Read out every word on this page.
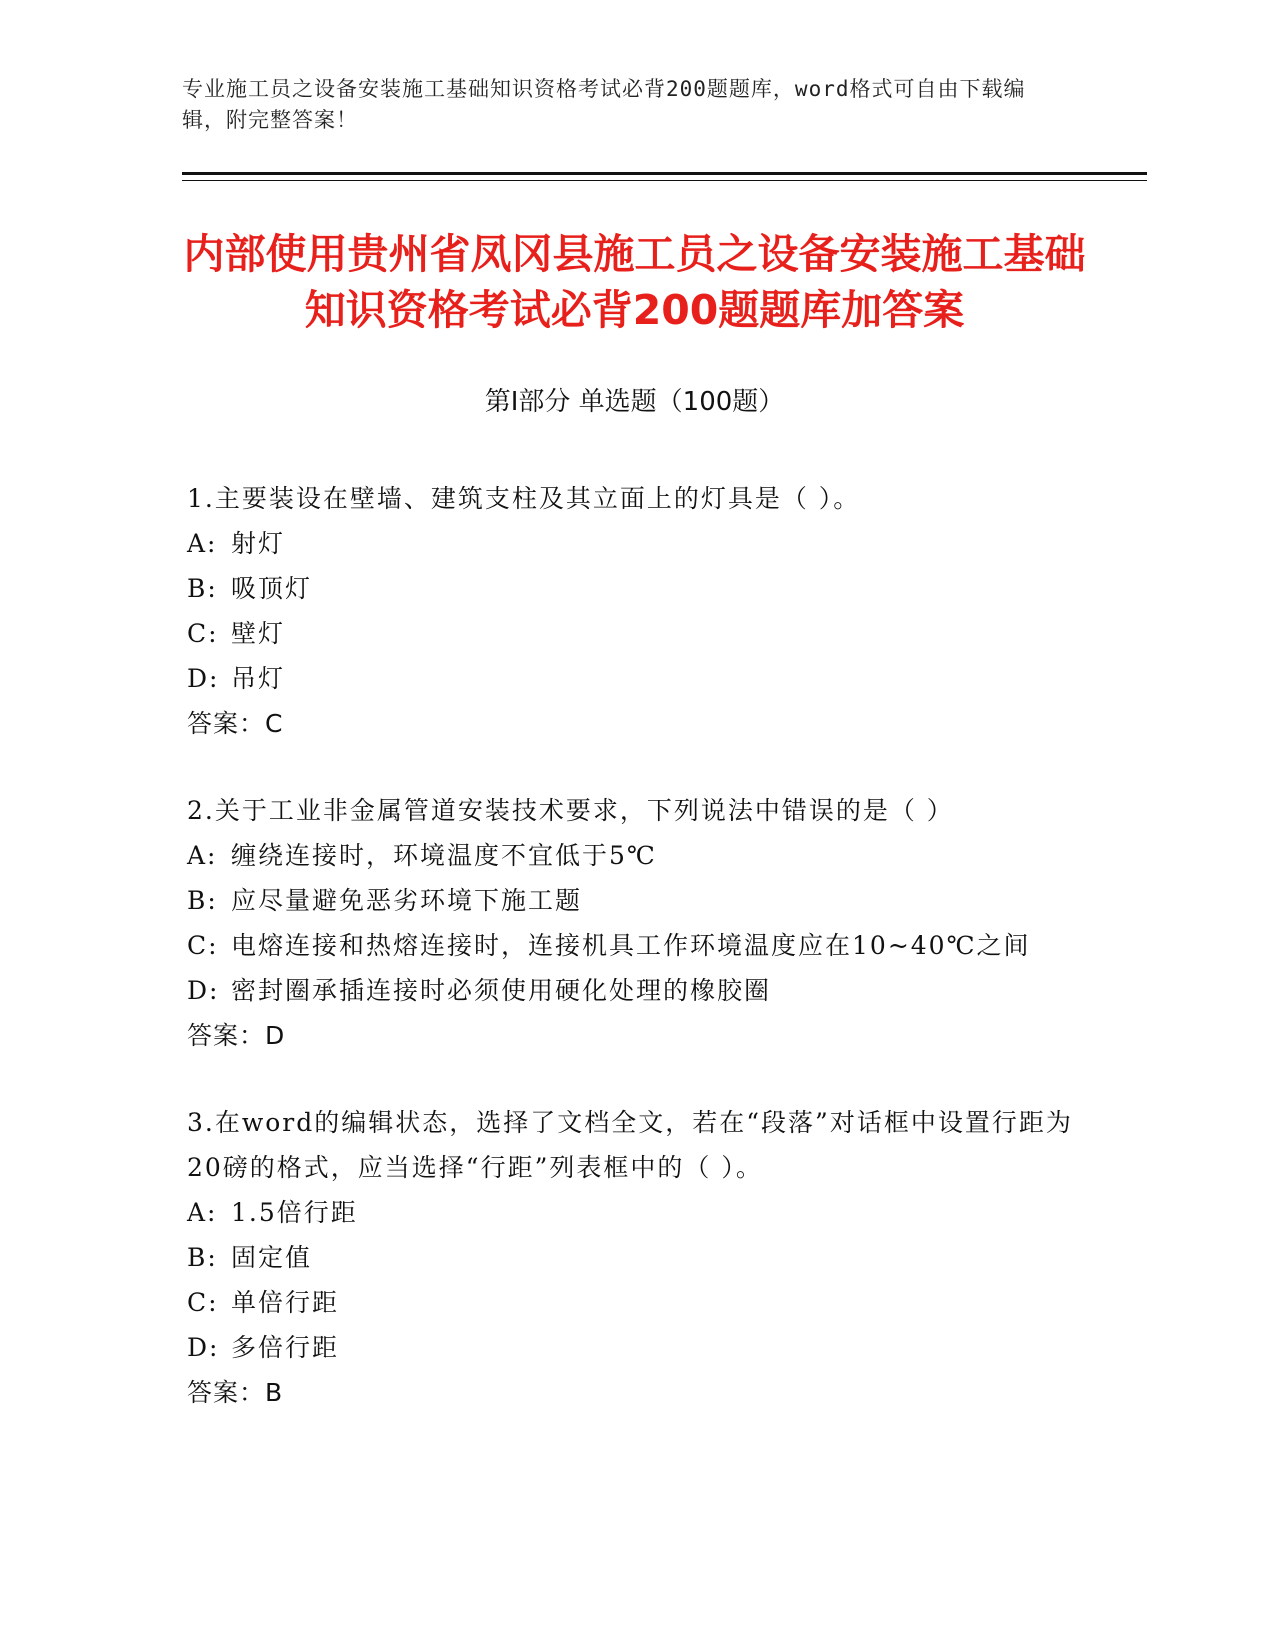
专业施工员之设备安装施工基础知识资格考试必背200题题库，word格式可自由下载编辑，附完整答案！
内部使用贵州省凤冈县施工员之设备安装施工基础知识资格考试必背200题题库加答案
第Ⅰ部分 单选题（100题）
1.主要装设在壁墙、建筑支柱及其立面上的灯具是（ ）。
A: 射灯
B: 吸顶灯
C: 壁灯
D: 吊灯
答案：C
2.关于工业非金属管道安装技术要求，下列说法中错误的是（ ）
A: 缠绕连接时，环境温度不宜低于5℃
B: 应尽量避免恶劣环境下施工题
C: 电熔连接和热熔连接时，连接机具工作环境温度应在10~40℃之间
D: 密封圈承插连接时必须使用硬化处理的橡胶圈
答案：D
3.在word的编辑状态，选择了文档全文，若在“段落”对话框中设置行距为20磅的格式，应当选择“行距”列表框中的（ ）。
A: 1.5倍行距
B: 固定值
C: 单倍行距
D: 多倍行距
答案：B
